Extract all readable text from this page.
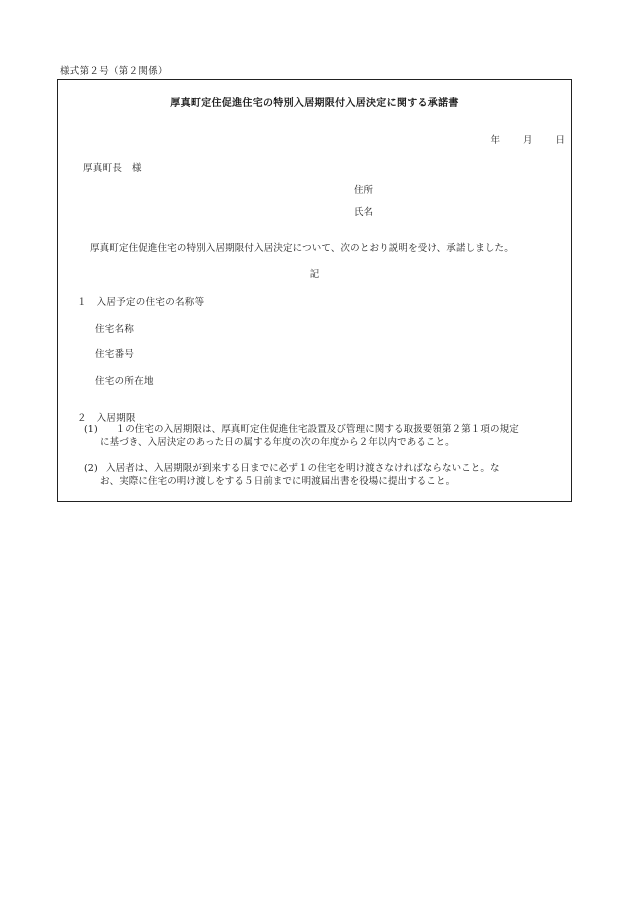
様式第２号（第２関係）
厚真町定住促進住宅の特別入居期限付入居決定に関する承諾書
年 月 日
厚真町長　様
住所
氏名
厚真町定住促進住宅の特別入居期限付入居決定について、次のとおり説明を受け、承諾しました。
記
１　入居予定の住宅の名称等
住宅名称
住宅番号
住宅の所在地
２　入居期限
(1)　１の住宅の入居期限は、厚真町定住促進住宅設置及び管理に関する取扱要領第２第１項の規定
に基づき、入居決定のあった日の属する年度の次の年度から２年以内であること。
(2) 入居者は、入居期限が到来する日までに必ず１の住宅を明け渡さなければならないこと。な
お、実際に住宅の明け渡しをする５日前までに明渡届出書を役場に提出すること。
